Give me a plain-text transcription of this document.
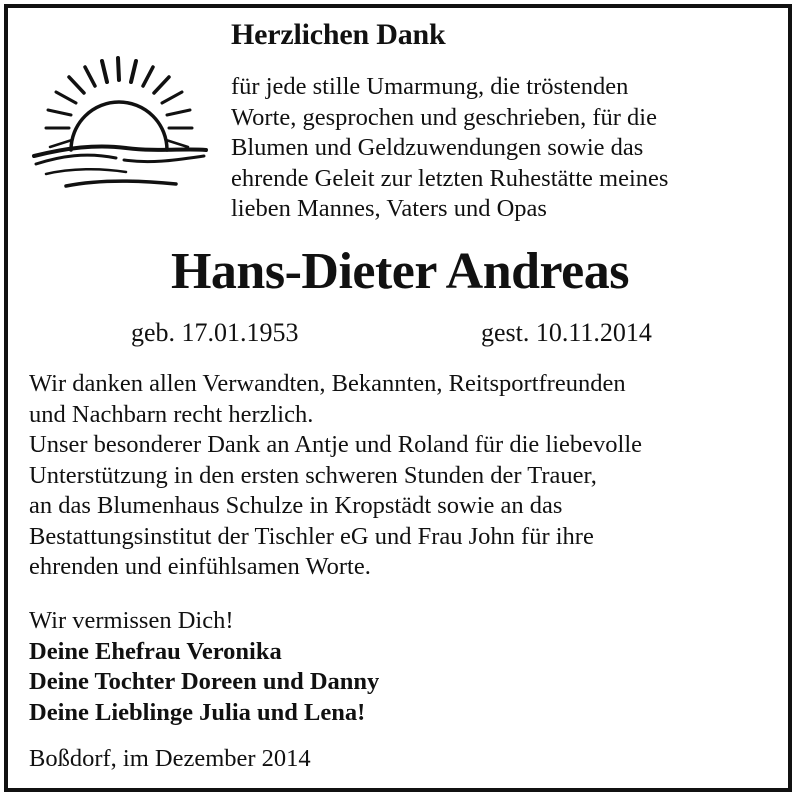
Herzlichen Dank

für jede stille Umarmung, die tröstenden
Worte, gesprochen und geschrieben, für die
Blumen und Geldzuwendungen sowie das
ehrende Geleit zur letzten Ruhestätte meines
lieben Mannes, Vaters und Opas

Hans-Dieter Andreas

geb. 17.01.1953	gest. 10.11.2014

Wir danken allen Verwandten, Bekannten, Reitsportfreunden
und Nachbarn recht herzlich.
Unser besonderer Dank an Antje und Roland für die liebevolle
Unterstützung in den ersten schweren Stunden der Trauer,
an das Blumenhaus Schulze in Kropstädt sowie an das
Bestattungsinstitut der Tischler eG und Frau John für ihre
ehrenden und einfühlsamen Worte.

Wir vermissen Dich!
Deine Ehefrau Veronika
Deine Tochter Doreen und Danny
Deine Lieblinge Julia und Lena!

Boßdorf, im Dezember 2014
